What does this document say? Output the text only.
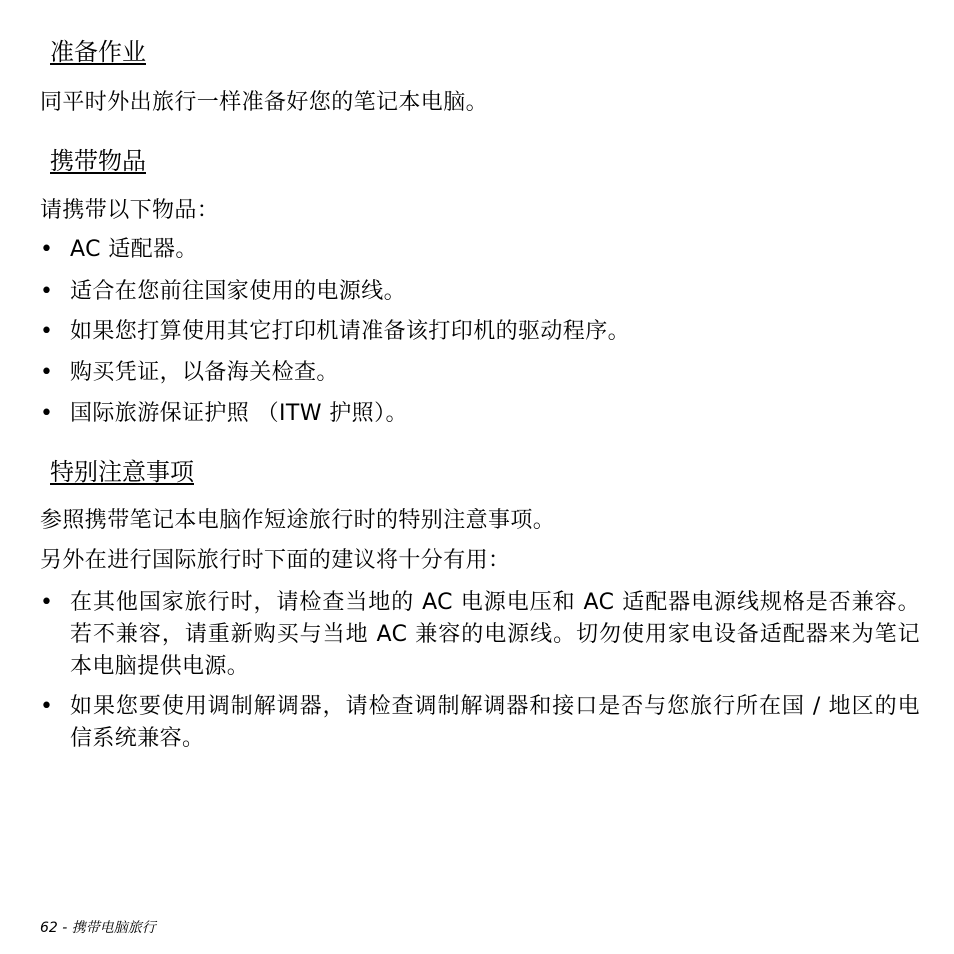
准备作业
同平时外出旅行一样准备好您的笔记本电脑。
携带物品
请携带以下物品：
• AC 适配器。
• 适合在您前往国家使用的电源线。
• 如果您打算使用其它打印机请准备该打印机的驱动程序。
• 购买凭证，以备海关检查。
• 国际旅游保证护照 （ITW 护照）。
特别注意事项
参照携带笔记本电脑作短途旅行时的特别注意事项。
另外在进行国际旅行时下面的建议将十分有用：
• 在其他国家旅行时，请检查当地的 AC 电源电压和 AC 适配器电源线规格是否兼容。若不兼容，请重新购买与当地 AC 兼容的电源线。切勿使用家电设备适配器来为笔记本电脑提供电源。
• 如果您要使用调制解调器，请检查调制解调器和接口是否与您旅行所在国 / 地区的电信系统兼容。
62 - 携带电脑旅行
